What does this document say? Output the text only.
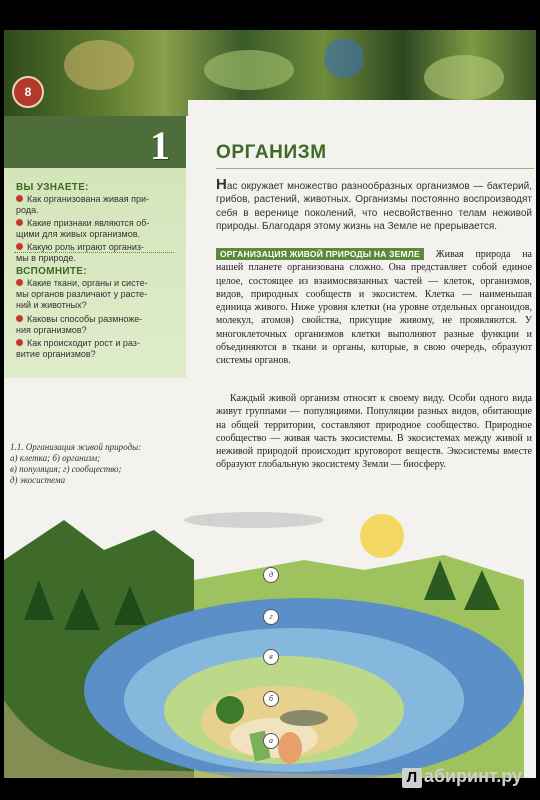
8
1
ВЫ УЗНАЕТЕ:
Как организована живая при-
рода.
Какие признаки являются об-
щими для живых организмов.
Какую роль играют организ-
мы в природе.
ВСПОМНИТЕ:
Какие ткани, органы и систе-
мы органов различают у расте-
ний и животных?
Каковы способы размноже-
ния организмов?
Как происходит рост и раз-
витие организмов?
ОРГАНИЗМ
Нас окружает множество разнообразных организмов — бактерий, грибов, растений, животных. Организмы постоянно воспроизводят себя в веренице поколений, что несвойственно телам неживой природы. Благодаря этому жизнь на Земле не прерывается.
ОРГАНИЗАЦИЯ ЖИВОЙ ПРИРОДЫ НА ЗЕМЛЕ Живая природа на нашей планете организована сложно. Она представляет собой единое целое, состоящее из взаимосвязанных частей — клеток, организмов, видов, природных сообществ и экосистем. Клетка — наименьшая единица живого. Ниже уровня клетки (на уровне отдельных органоидов, молекул, атомов) свойства, присущие живому, не проявляются. У многоклеточных организмов клетки выполняют разные функции и объединяются в ткани и органы, которые, в свою очередь, образуют системы органов.
Каждый живой организм относят к своему виду. Особи одного вида живут группами — популяциями. Популяции разных видов, обитающие на общей территории, составляют природное сообщество. Природное сообщество — живая часть экосистемы. В экосистемах между живой и неживой природой происходит круговорот веществ. Экосистемы вместе образуют глобальную экосистему Земли — биосферу.
1.1. Организация живой природы:
а) клетка; б) организм;
в) популяция; г) сообщество;
д) экосистема
д
г
в
б
а
Л абиринт.ру
